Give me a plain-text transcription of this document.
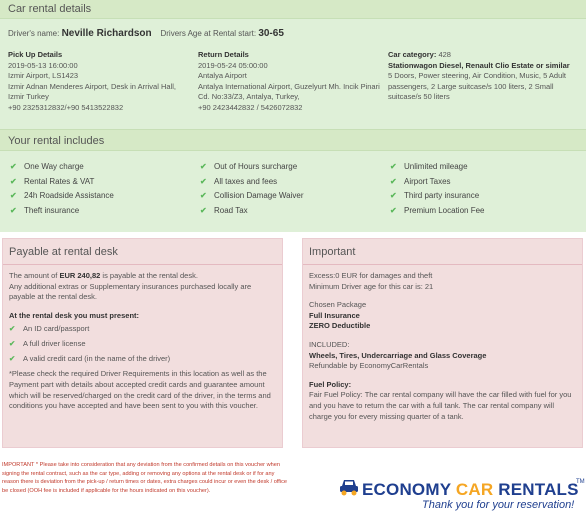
Car rental details
Driver's name: Neville Richardson Drivers Age at Rental start: 30-65
Pick Up Details
2019-05-13 16:00:00
Izmir Airport, LS1423
Izmir Adnan Menderes Airport, Desk in Arrival Hall, Izmir Turkey
+90 2325312832/+90 5413522832
Return Details
2019-05-24 05:00:00
Antalya Airport
Antalya International Airport, Guzelyurt Mh. Incik Pinari Cd. No:33/Z3, Antalya, Turkey,
+90 2423442832 / 5426072832
Car category: 428
Stationwagon Diesel, Renault Clio Estate or similar
5 Doors, Power steering, Air Condition, Music, 5 Adult passengers, 2 Large suitcase/s 100 liters, 2 Small suitcase/s 50 liters
Your rental includes
✔ One Way charge
✔ Rental Rates & VAT
✔ 24h Roadside Assistance
✔ Theft insurance
✔ Out of Hours surcharge
✔ All taxes and fees
✔ Collision Damage Waiver
✔ Road Tax
✔ Unlimited mileage
✔ Airport Taxes
✔ Third party insurance
✔ Premium Location Fee
Payable at rental desk
The amount of EUR 240,82 is payable at the rental desk.
Any additional extras or Supplementary insurances purchased locally are payable at the rental desk.
At the rental desk you must present:
✔ An ID card/passport
✔ A full driver license
✔ A valid credit card (in the name of the driver)
*Please check the required Driver Requirements in this location as well as the Payment part with details about accepted credit cards and guarantee amount which will be reserved/charged on the credit card of the driver, in the terms and conditions you have accepted and have been sent to you with this voucher.
Important
Excess:0 EUR for damages and theft
Minimum Driver age for this car is: 21
Chosen Package
Full Insurance
ZERO Deductible
INCLUDED:
Wheels, Tires, Undercarriage and Glass Coverage
Refundable by EconomyCarRentals
Fuel Policy:
Fair Fuel Policy: The car rental company will have the car filled with fuel for you and you have to return the car with a full tank. The car rental company will charge you for every missing quarter of a tank.
IMPORTANT * Please take into consideration that any deviation from the confirmed details on this voucher when signing the rental contract, such as the car type, adding or removing any options at the rental desk or if for any reason there is deviation from the pick-up / return times or dates, extra charges could incur or even the desk / office be closed (OOH fee is included if applicable for the hours indicated on this voucher).	ECONOMY CAR RENTALS
TM
Thank you for your reservation!
